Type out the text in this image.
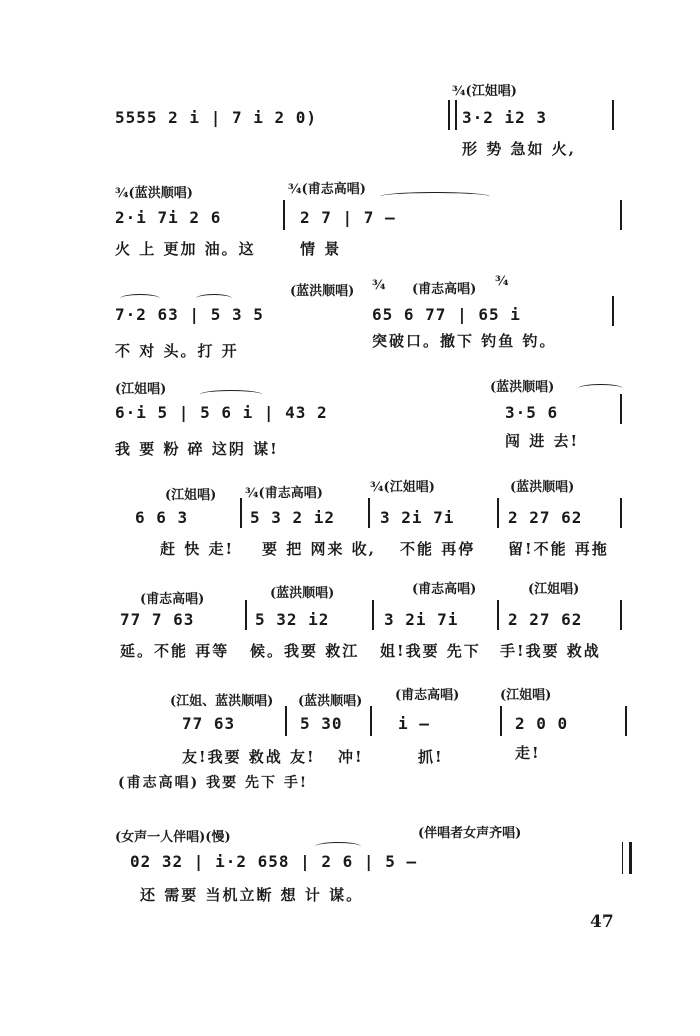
¾(江姐唱)
5555 2 i | 7 i 2 0)	3·2 i2 3
形 势 急如 火,
¾(蓝洪顺唱)	¾(甫志高唱)
2·i 7i 2 6	2 7 | 7 —
火 上 更加 油。这	情 景
(蓝洪顺唱) ¾ (甫志高唱)
¾
7·2 63 | 5 3 5	65 6 77 | 65 i
不 对 头。打 开
突破口。撤下 钓鱼 钓。
(江姐唱)	(蓝洪顺唱)
6·i 5 | 5 6 i | 43 2	3·5 6
我 要 粉 碎 这阴 谋!	闯 进 去!
(江姐唱) ¾(甫志高唱)	¾(江姐唱)	(蓝洪顺唱)
6 6 3	5 3 2 i2	3 2i 7i	2 27 62
赶 快 走! 要 把 网来 收, 不能 再停 留!不能 再拖
(甫志高唱)	(蓝洪顺唱)	(甫志高唱)	(江姐唱)
77 7 63	5 32 i2	3 2i 7i	2 27 62
延。不能 再等 候。我要 救江 姐!我要 先下 手!我要 救战
(江姐、蓝洪顺唱) (蓝洪顺唱)	(甫志高唱)	(江姐唱)
77 63	5 30	i —	2 0 0
友!我要 救战 友! 冲!	抓!	走!
(甫志高唱) 我要 先下 手!
(女声一人伴唱)(慢)	(伴唱者女声齐唱)
02 32 | i·2 658 | 2 6 | 5 —
还 需要 当机立断 想 计 谋。
47
